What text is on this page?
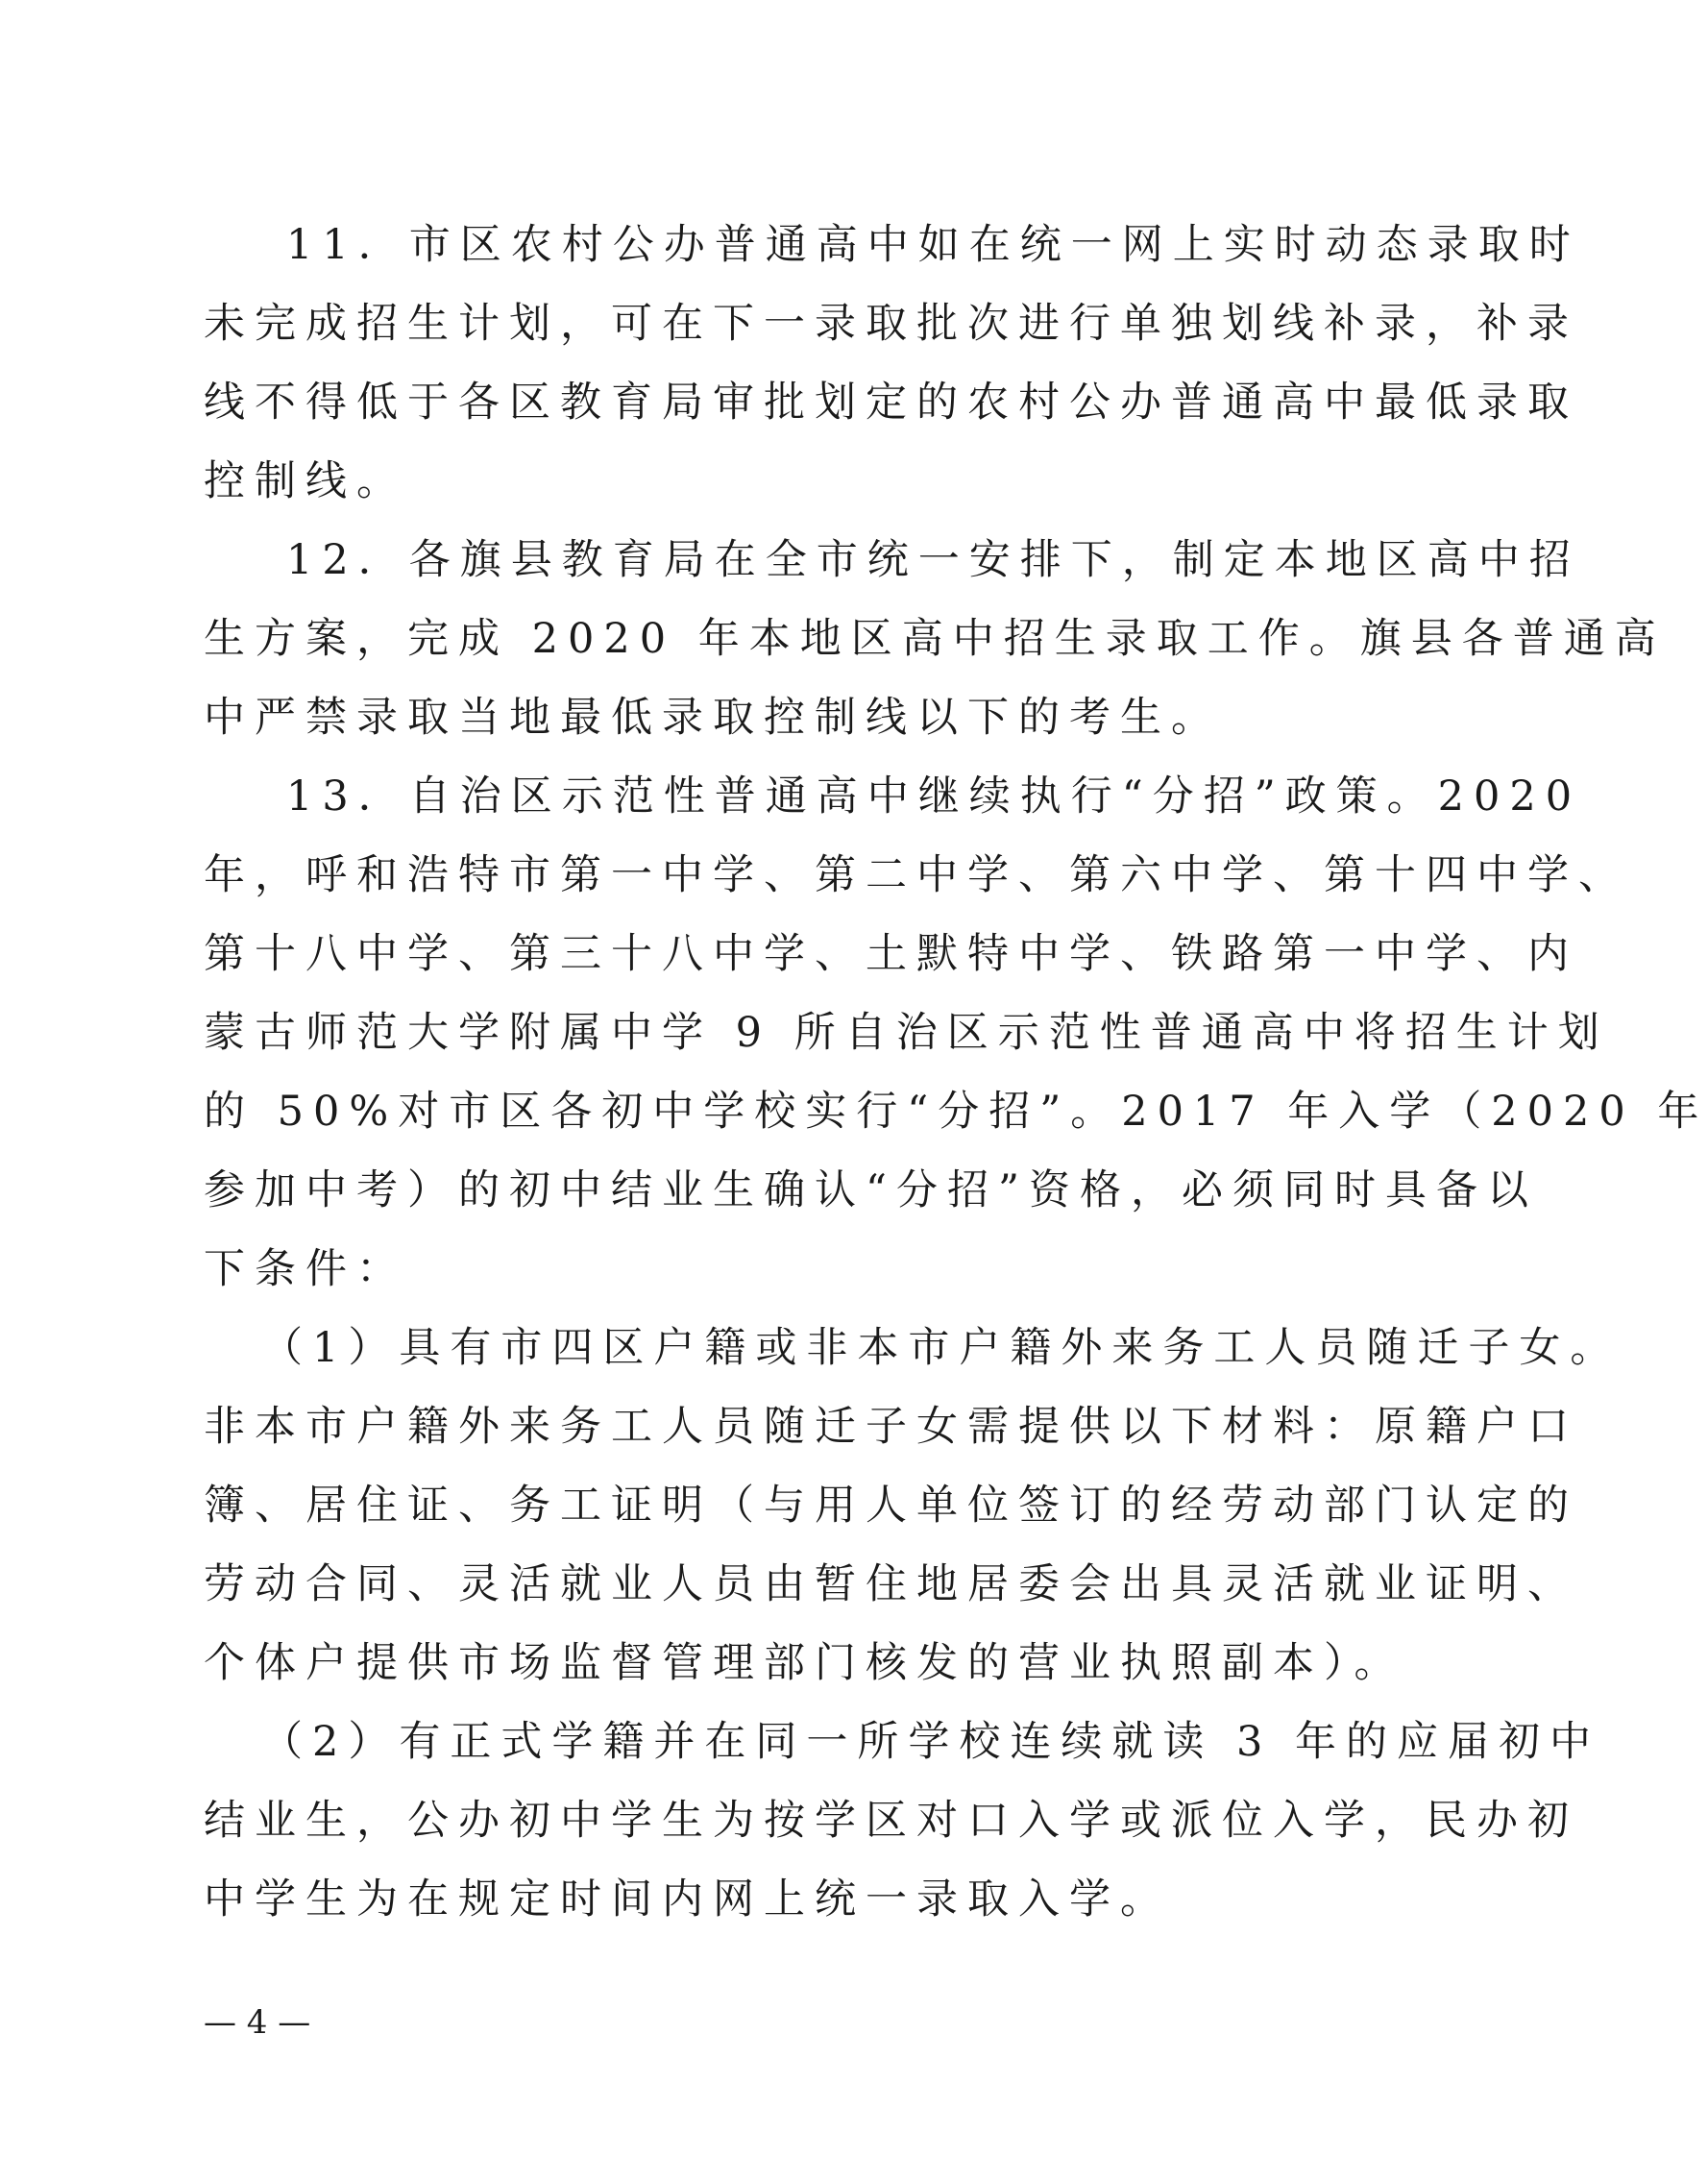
11．市区农村公办普通高中如在统一网上实时动态录取时
未完成招生计划，可在下一录取批次进行单独划线补录，补录
线不得低于各区教育局审批划定的农村公办普通高中最低录取
控制线。
12．各旗县教育局在全市统一安排下，制定本地区高中招
生方案，完成 2020 年本地区高中招生录取工作。旗县各普通高
中严禁录取当地最低录取控制线以下的考生。
13．自治区示范性普通高中继续执行“分招”政策。2020
年，呼和浩特市第一中学、第二中学、第六中学、第十四中学、
第十八中学、第三十八中学、土默特中学、铁路第一中学、内
蒙古师范大学附属中学 9 所自治区示范性普通高中将招生计划
的 50%对市区各初中学校实行“分招”。2017 年入学（2020 年
参加中考）的初中结业生确认“分招”资格，必须同时具备以
下条件：
（1）具有市四区户籍或非本市户籍外来务工人员随迁子女。
非本市户籍外来务工人员随迁子女需提供以下材料：原籍户口
簿、居住证、务工证明（与用人单位签订的经劳动部门认定的
劳动合同、灵活就业人员由暂住地居委会出具灵活就业证明、
个体户提供市场监督管理部门核发的营业执照副本）。
（2）有正式学籍并在同一所学校连续就读 3 年的应届初中
结业生，公办初中学生为按学区对口入学或派位入学，民办初
中学生为在规定时间内网上统一录取入学。
— 4 —
